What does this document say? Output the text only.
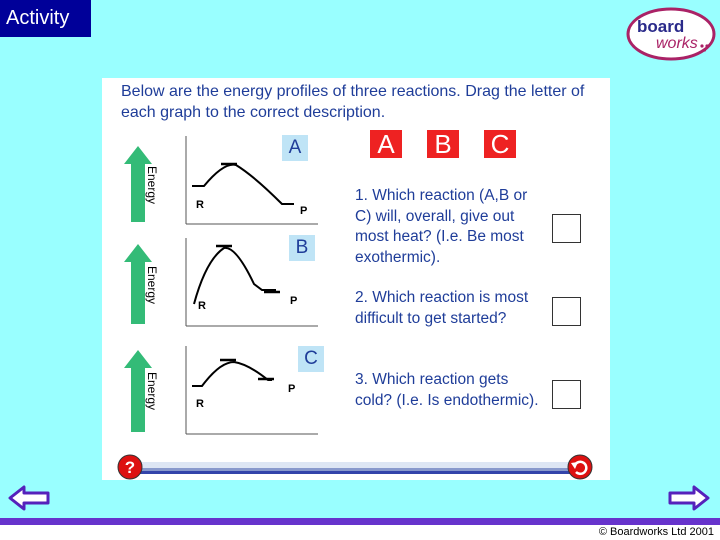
Activity	board
works
Below are the energy profiles of three reactions. Drag the letter of each graph to the correct description.
Energy
R	P
A
Energy
R	P
B
Energy	R
P
C
A B C
1. Which reaction (A,B or C) will, overall, give out most heat? (I.e. Be most exothermic).
2. Which reaction is most difficult to get started?
3. Which reaction gets cold? (I.e. Is endothermic).
?
© Boardworks Ltd 2001
